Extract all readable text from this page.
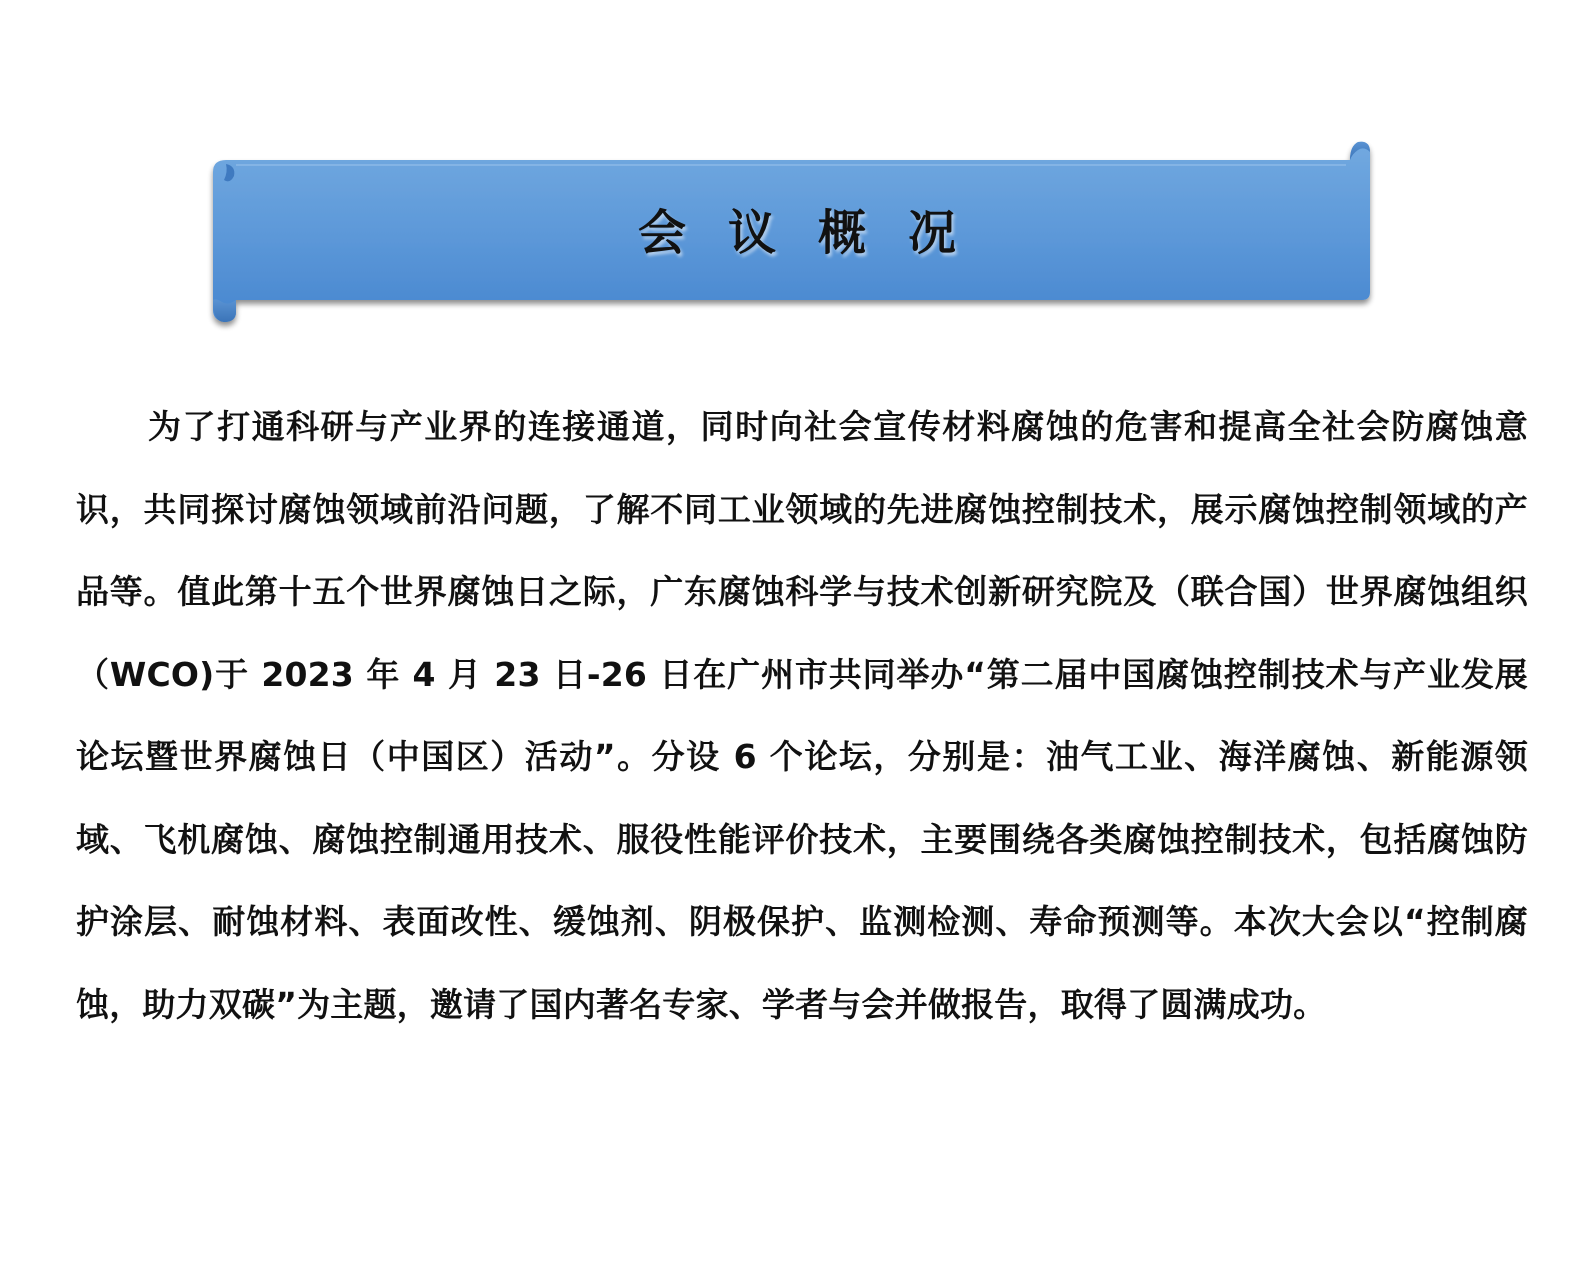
会议概况

为了打通科研与产业界的连接通道，同时向社会宣传材料腐蚀的危害和提高全社会防腐蚀意识，共同探讨腐蚀领域前沿问题，了解不同工业领域的先进腐蚀控制技术，展示腐蚀控制领域的产品等。值此第十五个世界腐蚀日之际，广东腐蚀科学与技术创新研究院及（联合国）世界腐蚀组织（WCO)于 2023 年 4 月 23 日-26 日在广州市共同举办“第二届中国腐蚀控制技术与产业发展论坛暨世界腐蚀日（中国区）活动”。分设 6 个论坛，分别是：油气工业、海洋腐蚀、新能源领域、飞机腐蚀、腐蚀控制通用技术、服役性能评价技术，主要围绕各类腐蚀控制技术，包括腐蚀防护涂层、耐蚀材料、表面改性、缓蚀剂、阴极保护、监测检测、寿命预测等。本次大会以“控制腐蚀，助力双碳”为主题，邀请了国内著名专家、学者与会并做报告，取得了圆满成功。
